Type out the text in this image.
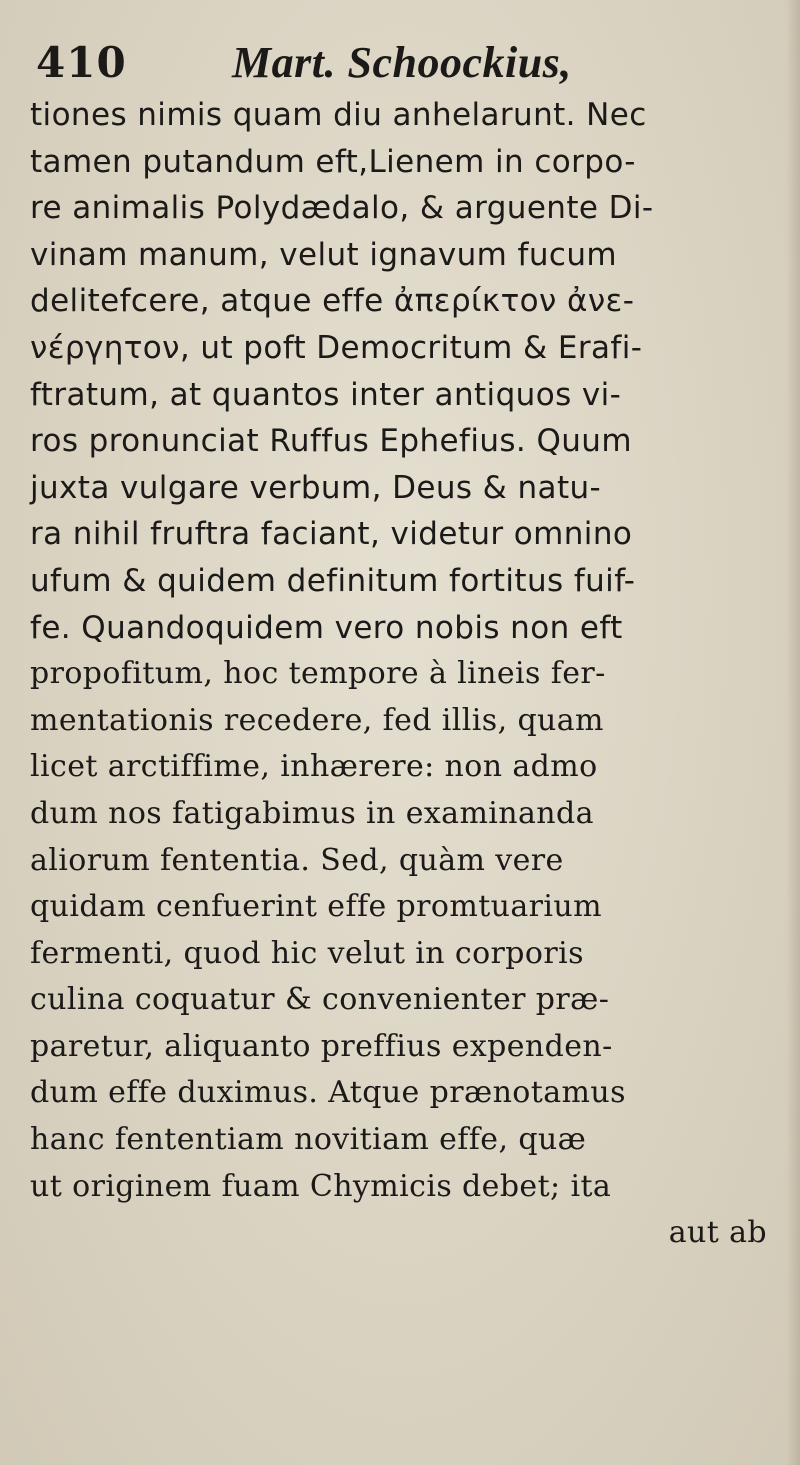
410 Mart. Schoockius,
tiones nimis quam diu anhelarunt. Nec
tamen putandum eft,Lienem in corpo-
re animalis Polydædalo, & arguente Di-
vinam manum, velut ignavum fucum
delitefcere, atque effe ἀπερίκτον ἀνε-
νέργητον, ut poft Democritum & Erafi-
ftratum, at quantos inter antiquos vi-
ros pronunciat Ruffus Ephefius. Quum
juxta vulgare verbum, Deus & natu-
ra nihil fruftra faciant, videtur omnino
ufum & quidem definitum fortitus fuif-
fe. Quandoquidem vero nobis non eft
propofitum, hoc tempore à lineis fer-
mentationis recedere, fed illis, quam
licet arctiffime, inhærere: non admo
dum nos fatigabimus in examinanda
aliorum fententia. Sed, quàm vere
quidam cenfuerint effe promtuarium
fermenti, quod hic velut in corporis
culina coquatur & convenienter præ-
paretur, aliquanto preffius expenden-
dum effe duximus. Atque prænotamus
hanc fententiam novitiam effe, quæ
ut originem fuam Chymicis debet; ita
aut ab
